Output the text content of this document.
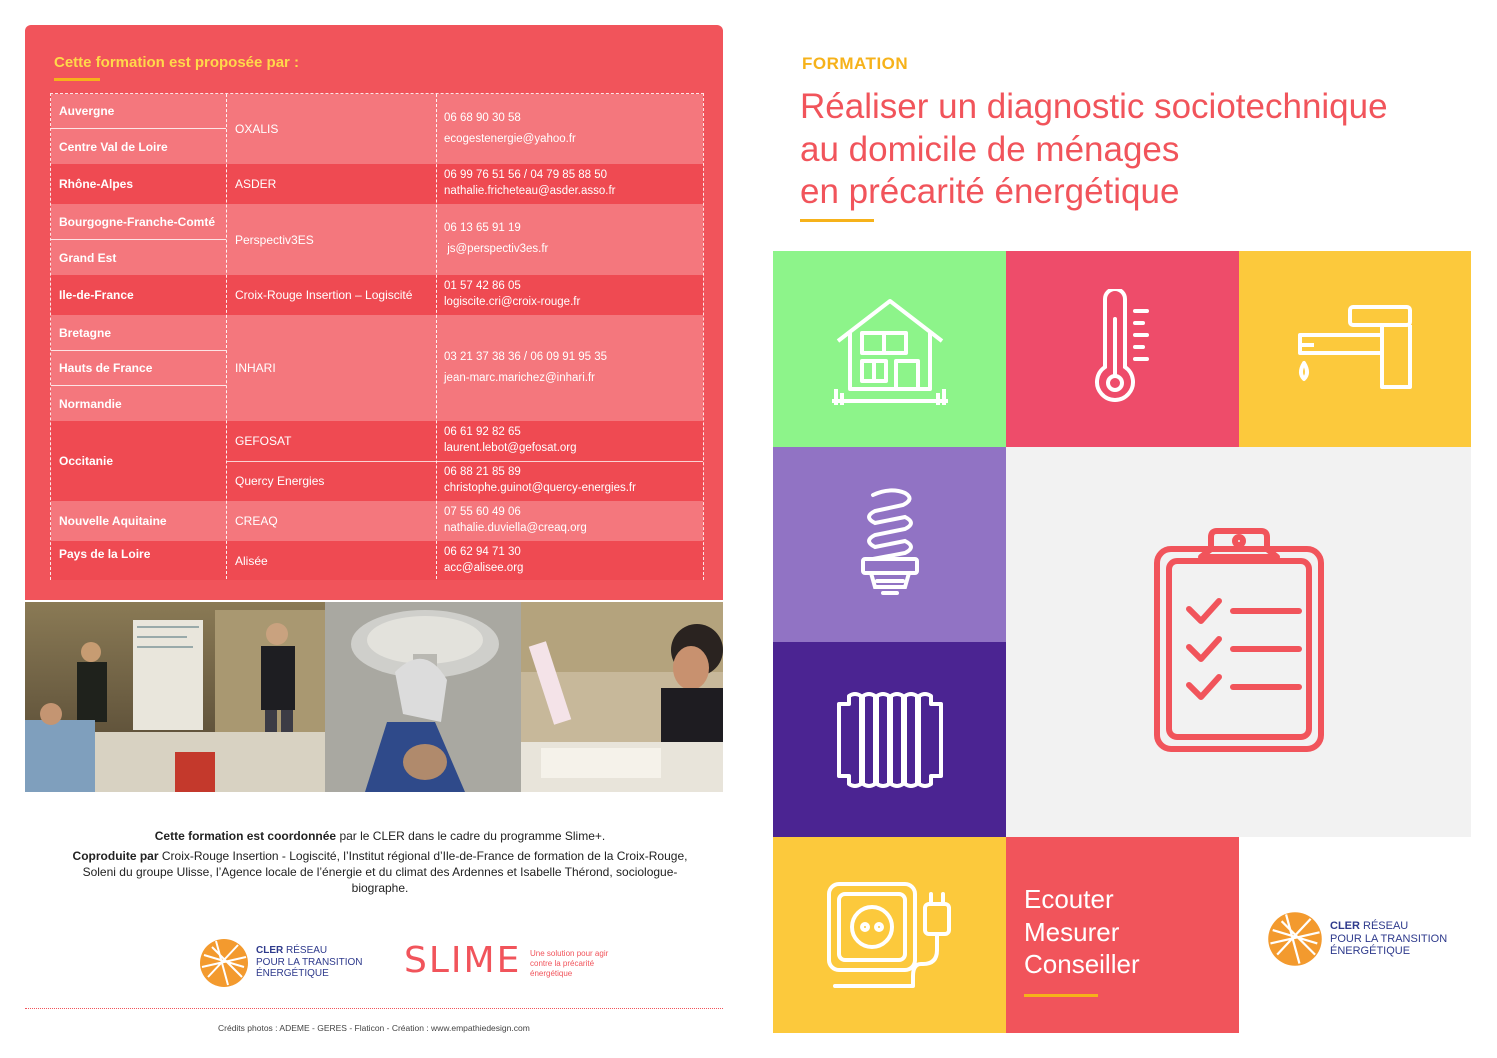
Cette formation est proposée par :
Auvergne
Centre Val de Loire
Rhône-Alpes
Bourgogne-Franche-Comté
Grand Est
Ile-de-France
Bretagne
Hauts de France
Normandie
Occitanie
Nouvelle Aquitaine
Pays de la Loire
OXALIS
ASDER
Perspectiv3ES
Croix-Rouge Insertion – Logiscité
INHARI
GEFOSAT
Quercy Energies
CREAQ
Alisée
06 68 90 30 58
ecogestenergie@yahoo.fr
06 99 76 51 56 / 04 79 85 88 50
nathalie.fricheteau@asder.asso.fr
06 13 65 91 19
js@perspectiv3es.fr
01 57 42 86 05
logiscite.cri@croix-rouge.fr
03 21 37 38 36 / 06 09 91 95 35
jean-marc.marichez@inhari.fr
06 61 92 82 65
laurent.lebot@gefosat.org
06 88 21 85 89
christophe.guinot@quercy-energies.fr
07 55 60 49 06
nathalie.duviella@creaq.org
06 62 94 71 30
acc@alisee.org
Cette formation est coordonnée par le CLER dans le cadre du programme Slime+.
Coproduite par Croix-Rouge Insertion - Logiscité, l’Institut régional d’Ile-de-France de formation de la Croix-Rouge, Soleni du groupe Ulisse, l’Agence locale de l’énergie et du climat des Ardennes et Isabelle Thérond, sociologue-biographe.
CLER RÉSEAU
POUR LA TRANSITION
ÉNERGÉTIQUE	SLIME Une solution pour agir contre la précarité énergétique
Crédits photos : ADEME - GERES - Flaticon - Création : www.empathiedesign.com
FORMATION
Réaliser un diagnostic sociotechnique
au domicile de ménages
en précarité énergétique
Ecouter
Mesurer
Conseiller
CLER RÉSEAU
POUR LA TRANSITION
ÉNERGÉTIQUE
